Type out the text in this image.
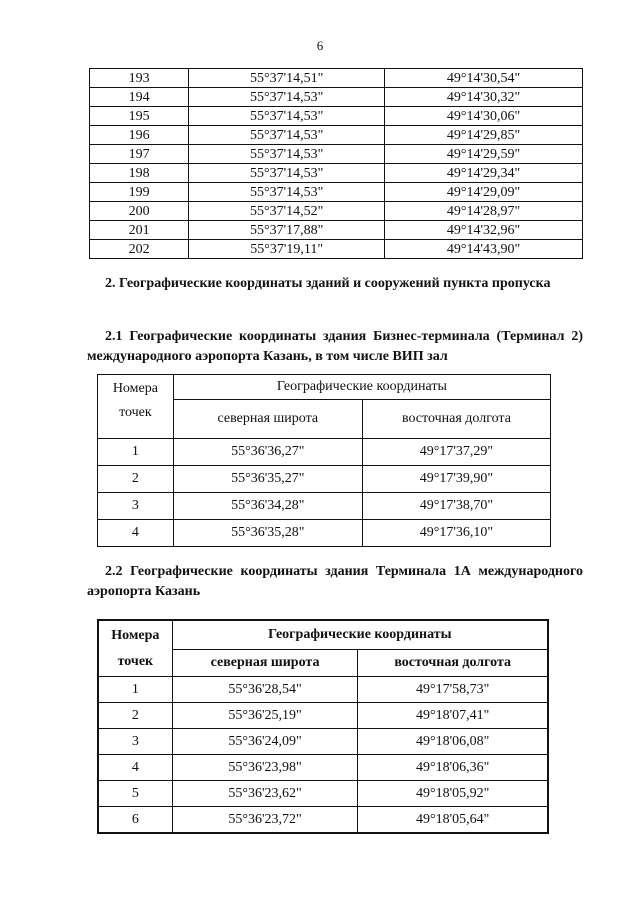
6
193	55°37'14,51"	49°14'30,54"
194	55°37'14,53"	49°14'30,32"
195	55°37'14,53"	49°14'30,06"
196	55°37'14,53"	49°14'29,85"
197	55°37'14,53"	49°14'29,59"
198	55°37'14,53"	49°14'29,34"
199	55°37'14,53"	49°14'29,09"
200	55°37'14,52"	49°14'28,97"
201	55°37'17,88"	49°14'32,96"
202	55°37'19,11"	49°14'43,90"
2. Географические координаты зданий и сооружений пункта пропуска
2.1 Географические координаты здания Бизнес-терминала (Терминал 2) международного аэропорта Казань, в том числе ВИП зал
Номера
точек	Географические координаты	
	северная широта	восточная долгота
1	55°36'36,27"	49°17'37,29"
2	55°36'35,27"	49°17'39,90"
3	55°36'34,28"	49°17'38,70"
4	55°36'35,28"	49°17'36,10"
2.2 Географические координаты здания Терминала 1А международного аэропорта Казань
Номера
точек	Географические координаты	
	северная широта	восточная долгота
1	55°36'28,54"	49°17'58,73"
2	55°36'25,19"	49°18'07,41"
3	55°36'24,09"	49°18'06,08"
4	55°36'23,98"	49°18'06,36"
5	55°36'23,62"	49°18'05,92"
6	55°36'23,72"	49°18'05,64"
